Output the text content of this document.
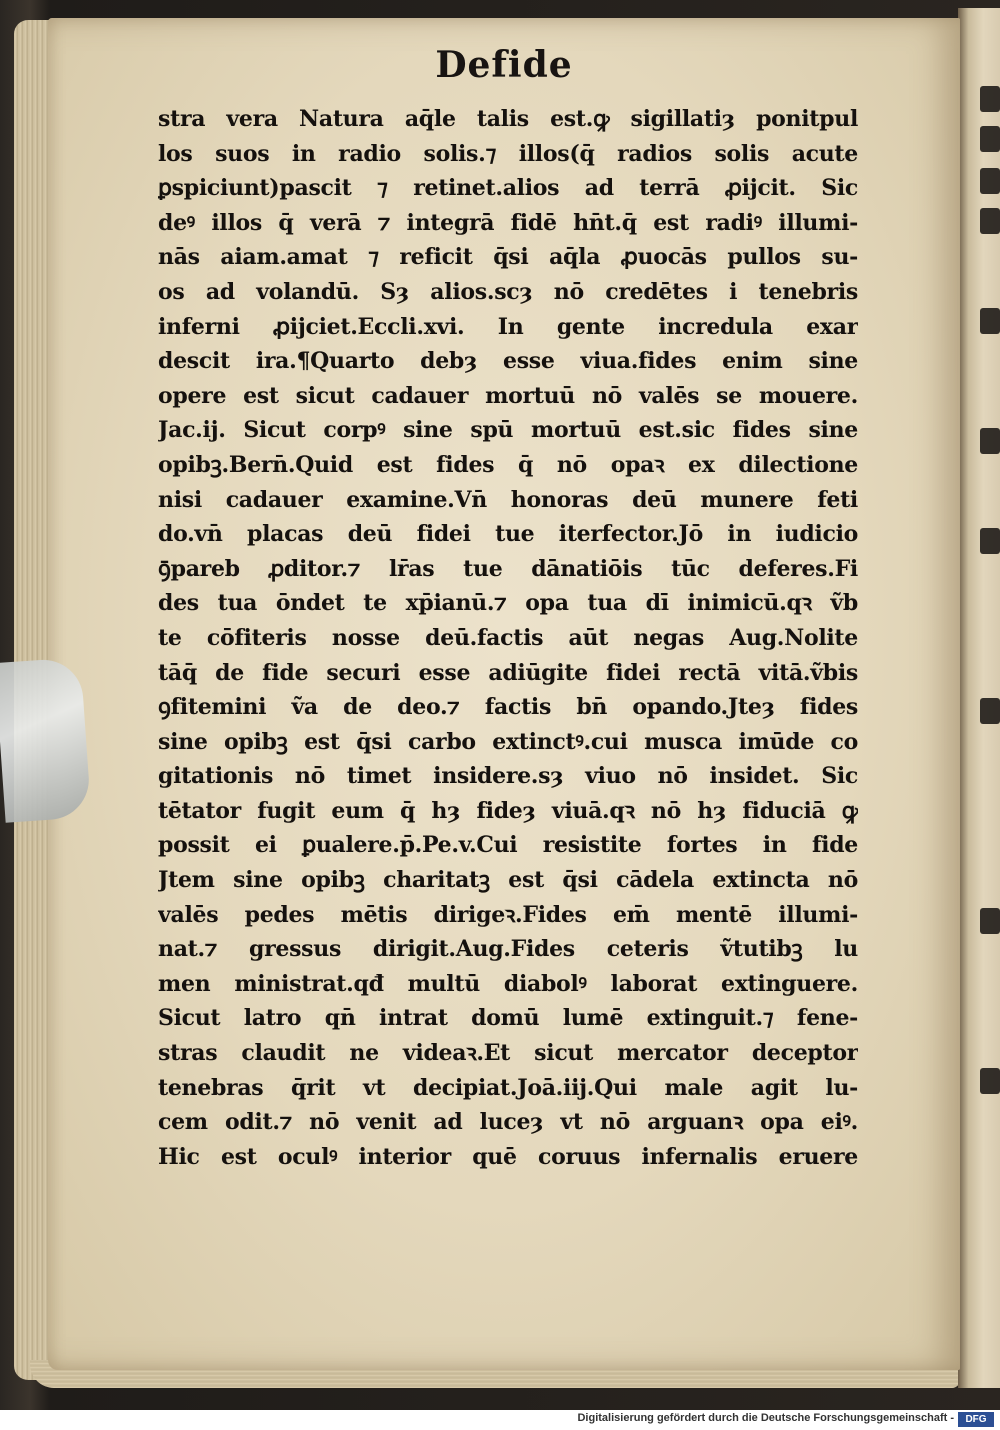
Defide
stra vera Natura aq̄le talis est.ꝙ sigillatiȝ ponitpul
los suos in radio solis.⁊ illos(q̄ radios solis acute
ꝑspiciunt)pascit ⁊ retinet.alios ad terrā ꝓijcit. Sic
deꝰ illos q̄ verā ⁊ integrā fidē hn̄t.q̄ est radiꝰ illumi-
nās aiam.amat ⁊ reficit q̄si aq̄la ꝓuocās pullos su-
os ad volandū. Sȝ alios.scȝ nō credētes i tenebris
inferni ꝓijciet.Eccli.xvi. In gente incredula exar
descit ira.¶Quarto debȝ esse viua.fides enim sine
opere est sicut cadauer mortuū nō valēs se mouere.
Jac.ij. Sicut corpꝰ sine spū mortuū est.sic fides sine
opibꝫ.Bern̄.Quid est fides q̄ nō opaꝛ ex dilectione
nisi cadauer examine.Vn̄ honoras deū munere feti
do.vn̄ placas deū fidei tue iterfector.Jō in iudicio
ꝯ̄pareb ꝓditor.⁊ lr̄as tue dānatiōis tūc deferes.Fi
des tua ōndet te xp̄ianū.⁊ opa tua dī inimicū.qꝛ ṽb
te cōfiteris nosse deū.factis aūt negas Aug.Nolite
tāq̄ de fide securi esse adiūgite fidei rectā vitā.ṽbis
ꝯfitemini ṽa de deo.⁊ factis bn̄ opando.Jteȝ fides
sine opibꝫ est q̄si carbo extinctꝰ.cui musca imūde co
gitationis nō timet insidere.sȝ viuo nō insidet. Sic
tētator fugit eum q̄ hȝ fideȝ viuā.qꝛ nō hȝ fiduciā ꝙ
possit ei ꝑualere.p̄.Pe.v.Cui resistite fortes in fide
Jtem sine opibꝫ charitatꝫ est q̄si cādela extincta nō
valēs pedes mētis dirigeꝛ.Fides em̄ mentē illumi-
nat.⁊ gressus dirigit.Aug.Fides ceteris ṽtutibꝫ lu
men ministrat.qđ multū diabolꝰ laborat extinguere.
Sicut latro qn̄ intrat domū lumē extinguit.⁊ fene-
stras claudit ne videaꝛ.Et sicut mercator deceptor
tenebras q̄rit vt decipiat.Joā.iij.Qui male agit lu-
cem odit.⁊ nō venit ad luceȝ vt nō arguanꝛ opa eiꝰ.
Hic est oculꝰ interior quē coruus infernalis eruere
Digitalisierung gefördert durch die Deutsche Forschungsgemeinschaft -	DFG
